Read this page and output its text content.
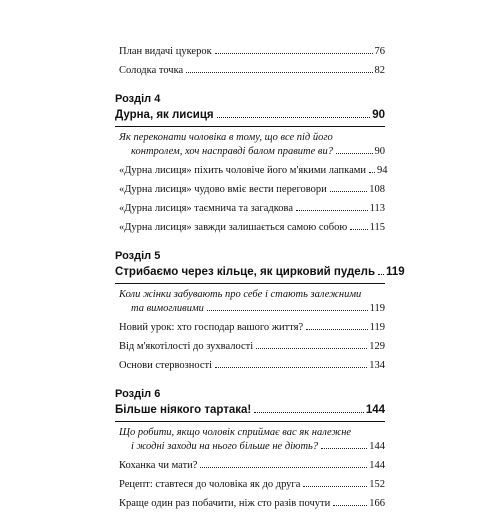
План видачі цукерок	76
Солодка точка	82
Розділ 4
Дурна, як лисиця	90
Як переконати чоловіка в тому, що все під його
контролем, хоч насправді балом правите ви?	90
«Дурна лисиця» піхить чоловіче його м'якими лапками 94
«Дурна лисиця» чудово вміє вести переговори	108
«Дурна лисиця» таємнича та загадкова	113
«Дурна лисиця» завжди залишається самою собою 115
Розділ 5
Стрибаємо через кільце, як цирковий пудель 119
Коли жінки забувають про себе і стають залежними
та вимогливими	119
Новий урок: хто господар вашого життя?	119
Від м'якотілості до зухвалості	129
Основи стервозності	134
Розділ 6
Більше ніякого тартака!	144
Що робити, якщо чоловік сприймає вас як належне
і жодні заходи на нього більше не діють?	144
Коханка чи мати?	144
Рецепт: ставтеся до чоловіка як до друга	152
Краще один раз побачити, ніж сто разів почути	166
